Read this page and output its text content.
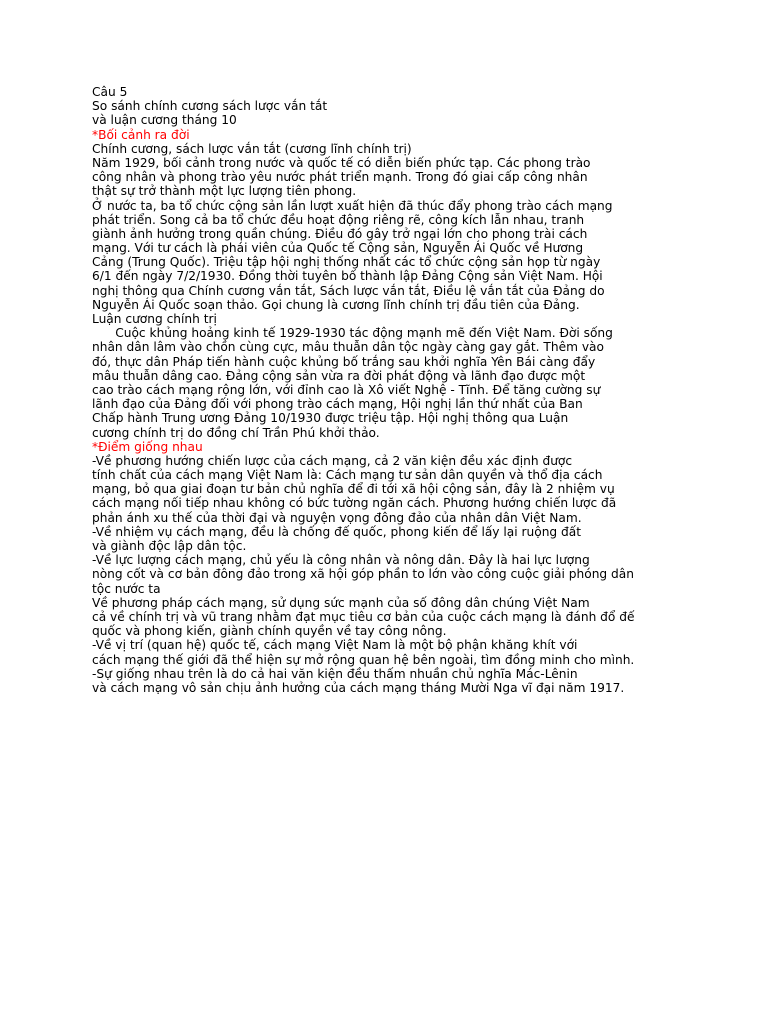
Câu 5
So sánh chính cương sách lược vắn tắt
và luận cương tháng 10
*Bối cảnh ra đời
Chính cương, sách lược vắn tắt (cương lĩnh chính trị)
Năm 1929, bối cảnh trong nước và quốc tế có diễn biến phức tạp. Các phong trào
công nhân và phong trào yêu nước phát triển mạnh. Trong đó giai cấp công nhân
thật sự trở thành một lực lượng tiên phong.
Ở nước ta, ba tổ chức cộng sản lần lượt xuất hiện đã thúc đẩy phong trào cách mạng
phát triển. Song cả ba tổ chức đều hoạt động riêng rẽ, công kích lẫn nhau, tranh
giành ảnh hưởng trong quần chúng. Điều đó gây trở ngại lớn cho phong trài cách
mạng. Với tư cách là phái viên của Quốc tế Cộng sản, Nguyễn Ái Quốc về Hương
Cảng (Trung Quốc). Triệu tập hội nghị thống nhất các tổ chức cộng sản họp từ ngày
6/1 đến ngày 7/2/1930. Đồng thời tuyên bố thành lập Đảng Cộng sản Việt Nam. Hội
nghị thông qua Chính cương vắn tắt, Sách lược vắn tắt, Điều lệ vắn tắt của Đảng do
Nguyễn Ái Quốc soạn thảo. Gọi chung là cương lĩnh chính trị đầu tiên của Đảng.
Luận cương chính trị
Cuộc khủng hoảng kinh tế 1929-1930 tác động mạnh mẽ đến Việt Nam. Đời sống
nhân dân lâm vào chồn cùng cực, mâu thuẫn dân tộc ngày càng gay gắt. Thêm vào
đó, thực dân Pháp tiến hành cuộc khủng bố trắng sau khởi nghĩa Yên Bái càng đẩy
mâu thuẫn dâng cao. Đảng cộng sản vừa ra đời phát động và lãnh đạo được một
cao trào cách mạng rộng lớn, với đỉnh cao là Xô viết Nghệ - Tĩnh. Để tăng cường sự
lãnh đạo của Đảng đối với phong trào cách mạng, Hội nghị lần thứ nhất của Ban
Chấp hành Trung ương Đảng 10/1930 được triệu tập. Hội nghị thông qua Luận
cương chính trị do đồng chí Trần Phú khởi thảo.
*Điểm giống nhau
-Về phương hướng chiến lược của cách mạng, cả 2 văn kiện đều xác định được
tính chất của cách mạng Việt Nam là: Cách mạng tư sản dân quyền và thổ địa cách
mạng, bỏ qua giai đoạn tư bản chủ nghĩa để đi tới xã hội cộng sản, đây là 2 nhiệm vụ
cách mạng nối tiếp nhau không có bức tường ngăn cách. Phương hướng chiến lược đã
phản ánh xu thế của thời đại và nguyện vọng đông đảo của nhân dân Việt Nam.
-Về nhiệm vụ cách mạng, đều là chống đế quốc, phong kiến để lấy lại ruộng đất
và giành độc lập dân tộc.
-Về lực lượng cách mạng, chủ yếu là công nhân và nông dân. Đây là hai lực lượng
nòng cốt và cơ bản đông đảo trong xã hội góp phần to lớn vào công cuộc giải phóng dân
tộc nước ta
Về phương pháp cách mạng, sử dụng sức mạnh của số đông dân chúng Việt Nam
cả về chính trị và vũ trang nhằm đạt mục tiêu cơ bản của cuộc cách mạng là đánh đổ đế
quốc và phong kiến, giành chính quyền về tay công nông.
-Về vị trí (quan hệ) quốc tế, cách mạng Việt Nam là một bộ phận khăng khít với
cách mạng thế giới đã thể hiện sự mở rộng quan hệ bên ngoài, tìm đồng minh cho mình.
-Sự giống nhau trên là do cả hai văn kiện đều thấm nhuần chủ nghĩa Mác-Lênin
và cách mạng vô sản chịu ảnh hưởng của cách mạng tháng Mười Nga vĩ đại năm 1917.
